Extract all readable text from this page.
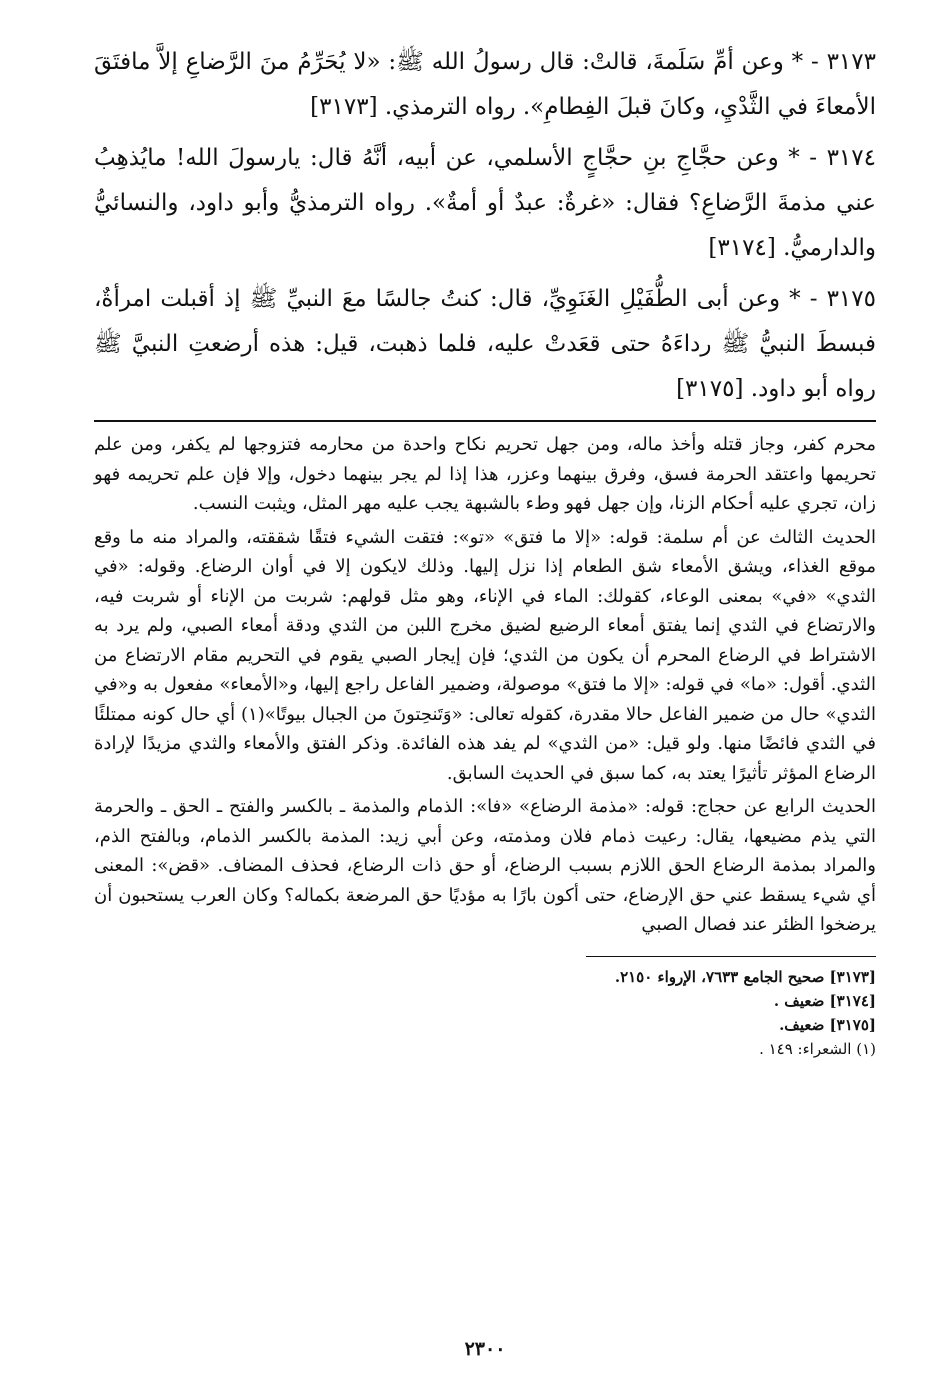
٣١٧٣ - * وعن أمِّ سَلَمةَ، قالتْ: قال رسولُ الله ﷺ: «لا يُحَرِّمُ منَ الرَّضاعِ إلاَّ مافتَقَ الأمعاءَ في الثَّدْيِ، وكانَ قبلَ الفِطامِ». رواه الترمذي. [٣١٧٣]

٣١٧٤ - * وعن حجَّاجِ بنِ حجَّاجٍ الأسلمي، عن أبيه، أنَّهُ قال: يارسولَ الله! مايُذهِبُ عني مذمةَ الرَّضاعِ؟ فقال: «غرةٌ: عبدٌ أو أمةٌ». رواه الترمذيُّ وأبو داود، والنسائيُّ والدارميُّ. [٣١٧٤]

٣١٧٥ - * وعن أبى الطُّفَيْلِ الغَنَوِيِّ، قال: كنتُ جالسًا معَ النبيِّ ﷺ إذ أقبلت امرأةٌ، فبسطَ النبيُّ ﷺ رداءَهُ حتى قعَدتْ عليه، فلما ذهبت، قيل: هذه أرضعتِ النبيَّ ﷺ رواه أبو داود. [٣١٧٥]

محرم كفر، وجاز قتله وأخذ ماله، ومن جهل تحريم نكاح واحدة من محارمه فتزوجها لم يكفر، ومن علم تحريمها واعتقد الحرمة فسق، وفرق بينهما وعزر، هذا إذا لم يجر بينهما دخول، وإلا فإن علم تحريمه فهو زان، تجري عليه أحكام الزنا، وإن جهل فهو وطء بالشبهة يجب عليه مهر المثل، ويثبت النسب.

الحديث الثالث عن أم سلمة: قوله: «إلا ما فتق» «تو»: فتقت الشيء فتقًا شققته، والمراد منه ما وقع موقع الغذاء، ويشق الأمعاء شق الطعام إذا نزل إليها. وذلك لايكون إلا في أوان الرضاع. وقوله: «في الثدي» «في» بمعنى الوعاء، كقولك: الماء في الإناء، وهو مثل قولهم: شربت من الإناء أو شربت فيه، والارتضاع في الثدي إنما يفتق أمعاء الرضيع لضيق مخرج اللبن من الثدي ودقة أمعاء الصبي، ولم يرد به الاشتراط في الرضاع المحرم أن يكون من الثدي؛ فإن إيجار الصبي يقوم في التحريم مقام الارتضاع من الثدي. أقول: «ما» في قوله: «إلا ما فتق» موصولة، وضمير الفاعل راجع إليها، و«الأمعاء» مفعول به و«في الثدي» حال من ضمير الفاعل حالا مقدرة، كقوله تعالى: «وَتَنحِتونَ من الجبال بيوتًا»(١) أي حال كونه ممتلئًا في الثدي فائضًا منها. ولو قيل: «من الثدي» لم يفد هذه الفائدة. وذكر الفتق والأمعاء والثدي مزيدًا لإرادة الرضاع المؤثر تأثيرًا يعتد به، كما سبق في الحديث السابق.

الحديث الرابع عن حجاج: قوله: «مذمة الرضاع» «فا»: الذمام والمذمة ـ بالكسر والفتح ـ الحق ـ والحرمة التي يذم مضيعها، يقال: رعيت ذمام فلان ومذمته، وعن أبي زيد: المذمة بالكسر الذمام، وبالفتح الذم، والمراد بمذمة الرضاع الحق اللازم بسبب الرضاع، أو حق ذات الرضاع، فحذف المضاف. «قض»: المعنى أي شيء يسقط عني حق الإرضاع، حتى أكون بارًا به مؤديًا حق المرضعة بكماله؟ وكان العرب يستحبون أن يرضخوا الظئر عند فصال الصبي

[٣١٧٣] صحيح الجامع ٧٦٣٣، الإرواء ٢١٥٠.
[٣١٧٤] ضعيف .
[٣١٧٥] ضعيف.
(١) الشعراء: ١٤٩ .
٢٣٠٠
